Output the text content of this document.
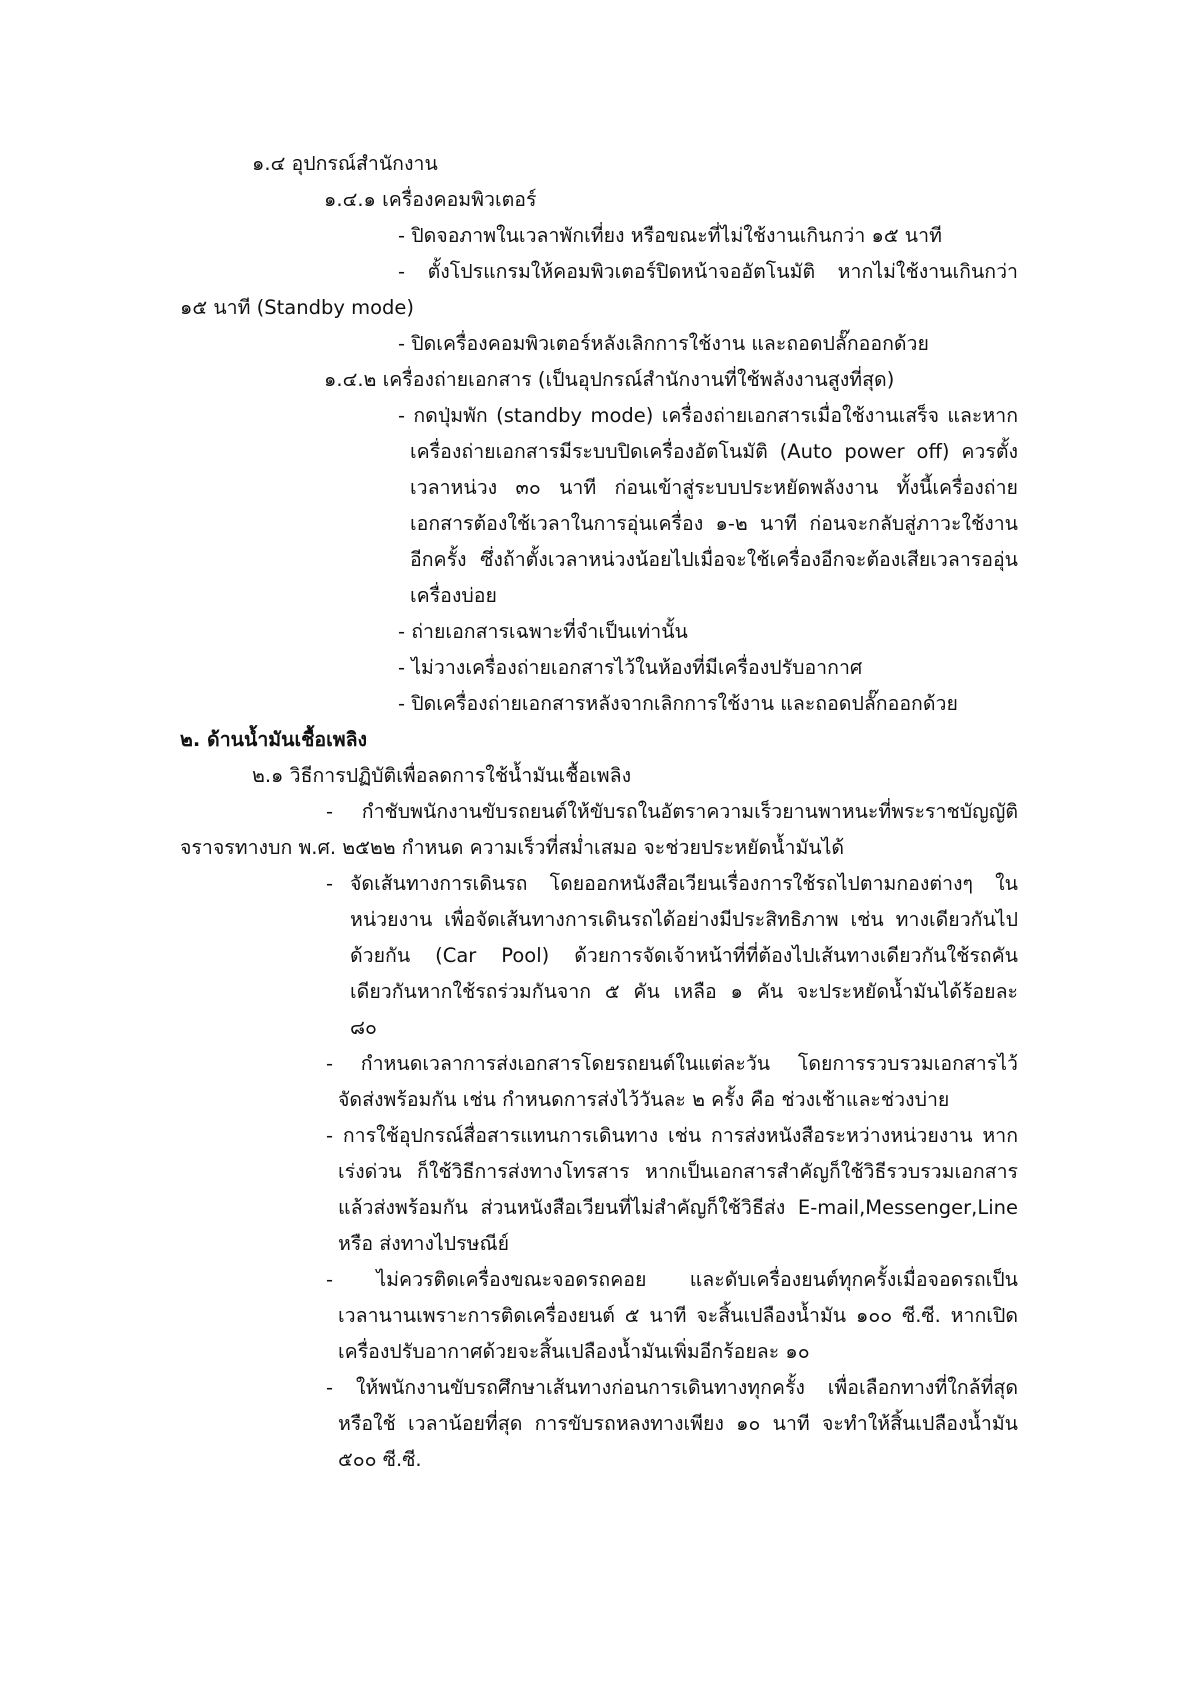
๑.๔ อุปกรณ์สำนักงาน
๑.๔.๑ เครื่องคอมพิวเตอร์
- ปิดจอภาพในเวลาพักเที่ยง หรือขณะที่ไม่ใช้งานเกินกว่า ๑๕ นาที
- ตั้งโปรแกรมให้คอมพิวเตอร์ปิดหน้าจออัตโนมัติ หากไม่ใช้งานเกินกว่า
๑๕ นาที (Standby mode)
- ปิดเครื่องคอมพิวเตอร์หลังเลิกการใช้งาน และถอดปลั๊กออกด้วย
๑.๔.๒ เครื่องถ่ายเอกสาร (เป็นอุปกรณ์สำนักงานที่ใช้พลังงานสูงที่สุด)
- กดปุ่มพัก (standby mode) เครื่องถ่ายเอกสารเมื่อใช้งานเสร็จ และหาก
เครื่องถ่ายเอกสารมีระบบปิดเครื่องอัตโนมัติ (Auto power off) ควรตั้ง
เวลาหน่วง ๓๐ นาที ก่อนเข้าสู่ระบบประหยัดพลังงาน ทั้งนี้เครื่องถ่าย
เอกสารต้องใช้เวลาในการอุ่นเครื่อง ๑-๒ นาที ก่อนจะกลับสู่ภาวะใช้งาน
อีกครั้ง ซึ่งถ้าตั้งเวลาหน่วงน้อยไปเมื่อจะใช้เครื่องอีกจะต้องเสียเวลารออุ่น
เครื่องบ่อย
- ถ่ายเอกสารเฉพาะที่จำเป็นเท่านั้น
- ไม่วางเครื่องถ่ายเอกสารไว้ในห้องที่มีเครื่องปรับอากาศ
- ปิดเครื่องถ่ายเอกสารหลังจากเลิกการใช้งาน และถอดปลั๊กออกด้วย
๒. ด้านน้ำมันเชื้อเพลิง
๒.๑ วิธีการปฏิบัติเพื่อลดการใช้น้ำมันเชื้อเพลิง
- กำชับพนักงานขับรถยนต์ให้ขับรถในอัตราความเร็วยานพาหนะที่พระราชบัญญัติ
จราจรทางบก พ.ศ. ๒๕๒๒ กำหนด ความเร็วที่สม่ำเสมอ จะช่วยประหยัดน้ำมันได้
- จัดเส้นทางการเดินรถ โดยออกหนังสือเวียนเรื่องการใช้รถไปตามกองต่างๆ ใน
หน่วยงาน เพื่อจัดเส้นทางการเดินรถได้อย่างมีประสิทธิภาพ เช่น ทางเดียวกันไป
ด้วยกัน (Car Pool) ด้วยการจัดเจ้าหน้าที่ที่ต้องไปเส้นทางเดียวกันใช้รถคัน
เดียวกันหากใช้รถร่วมกันจาก ๕ คัน เหลือ ๑ คัน จะประหยัดน้ำมันได้ร้อยละ
๘๐
- กำหนดเวลาการส่งเอกสารโดยรถยนต์ในแต่ละวัน โดยการรวบรวมเอกสารไว้
จัดส่งพร้อมกัน เช่น กำหนดการส่งไว้วันละ ๒ ครั้ง คือ ช่วงเช้าและช่วงบ่าย
- การใช้อุปกรณ์สื่อสารแทนการเดินทาง เช่น การส่งหนังสือระหว่างหน่วยงาน หาก
เร่งด่วน ก็ใช้วิธีการส่งทางโทรสาร หากเป็นเอกสารสำคัญก็ใช้วิธีรวบรวมเอกสาร
แล้วส่งพร้อมกัน ส่วนหนังสือเวียนที่ไม่สำคัญก็ใช้วิธีส่ง E-mail,Messenger,Line
หรือ ส่งทางไปรษณีย์
- ไม่ควรติดเครื่องขณะจอดรถคอย และดับเครื่องยนต์ทุกครั้งเมื่อจอดรถเป็น
เวลานานเพราะการติดเครื่องยนต์ ๕ นาที จะสิ้นเปลืองน้ำมัน ๑๐๐ ซี.ซี. หากเปิด
เครื่องปรับอากาศด้วยจะสิ้นเปลืองน้ำมันเพิ่มอีกร้อยละ ๑๐
- ให้พนักงานขับรถศึกษาเส้นทางก่อนการเดินทางทุกครั้ง เพื่อเลือกทางที่ใกล้ที่สุด
หรือใช้ เวลาน้อยที่สุด การขับรถหลงทางเพียง ๑๐ นาที จะทำให้สิ้นเปลืองน้ำมัน
๕๐๐ ซี.ซี.
